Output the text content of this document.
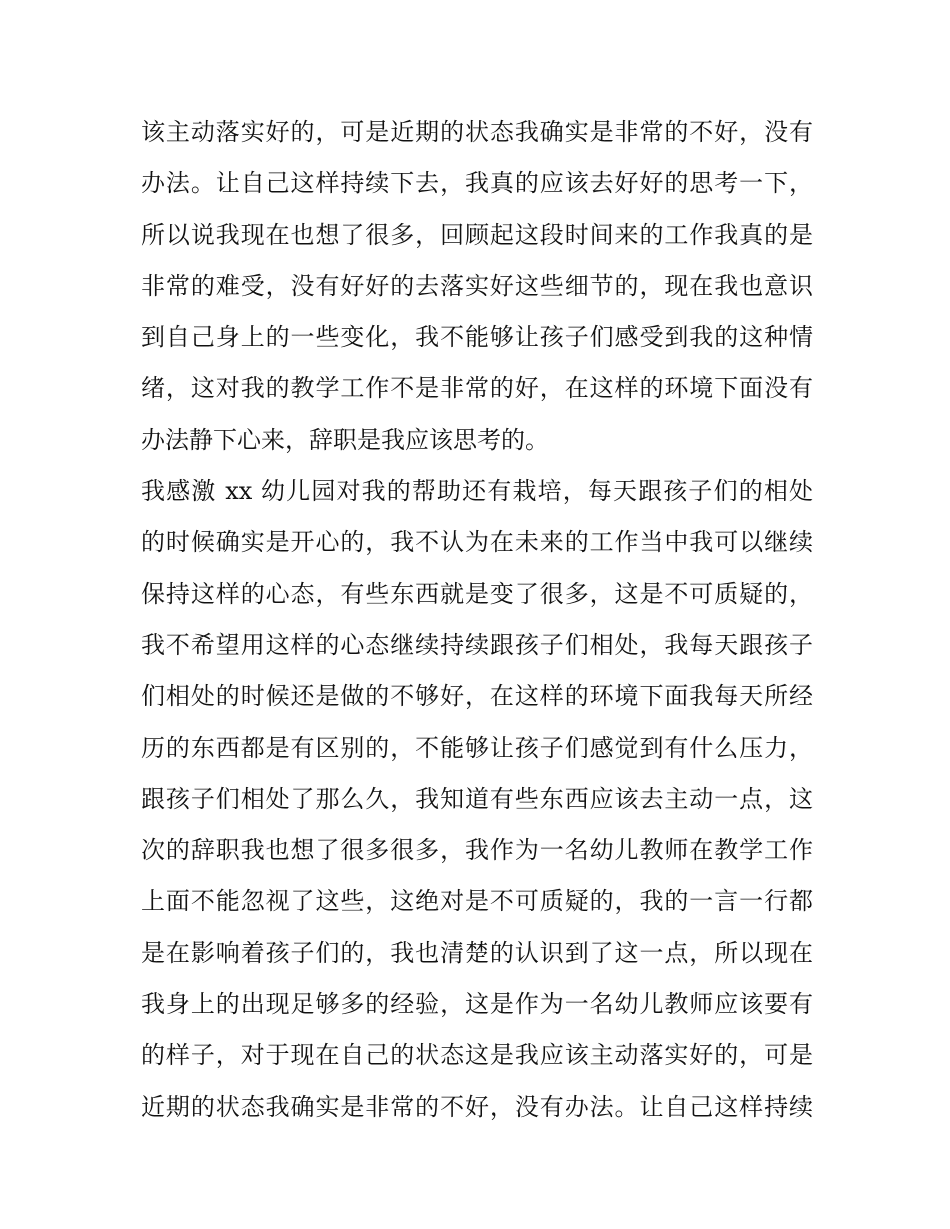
该主动落实好的，可是近期的状态我确实是非常的不好，没有
办法。让自己这样持续下去，我真的应该去好好的思考一下，
所以说我现在也想了很多，回顾起这段时间来的工作我真的是
非常的难受，没有好好的去落实好这些细节的，现在我也意识
到自己身上的一些变化，我不能够让孩子们感受到我的这种情
绪，这对我的教学工作不是非常的好，在这样的环境下面没有
办法静下心来，辞职是我应该思考的。
我感激 xx 幼儿园对我的帮助还有栽培，每天跟孩子们的相处
的时候确实是开心的，我不认为在未来的工作当中我可以继续
保持这样的心态，有些东西就是变了很多，这是不可质疑的，
我不希望用这样的心态继续持续跟孩子们相处，我每天跟孩子
们相处的时候还是做的不够好，在这样的环境下面我每天所经
历的东西都是有区别的，不能够让孩子们感觉到有什么压力，
跟孩子们相处了那么久，我知道有些东西应该去主动一点，这
次的辞职我也想了很多很多，我作为一名幼儿教师在教学工作
上面不能忽视了这些，这绝对是不可质疑的，我的一言一行都
是在影响着孩子们的，我也清楚的认识到了这一点，所以现在
我身上的出现足够多的经验，这是作为一名幼儿教师应该要有
的样子，对于现在自己的状态这是我应该主动落实好的，可是
近期的状态我确实是非常的不好，没有办法。让自己这样持续
